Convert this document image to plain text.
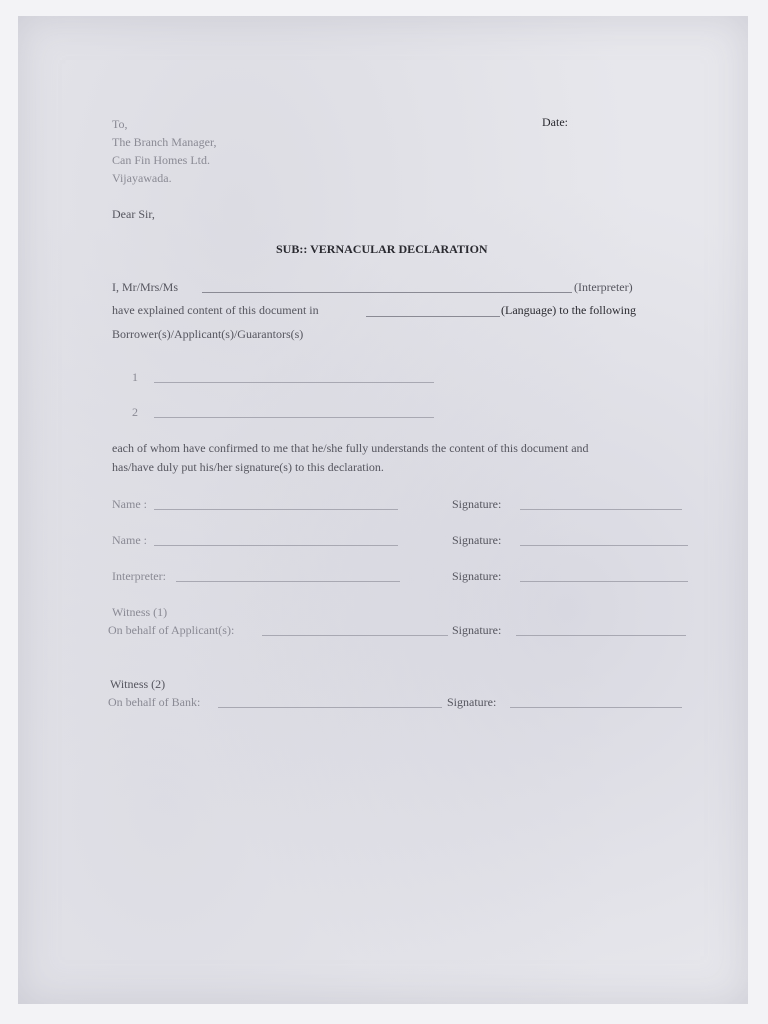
To,
The Branch Manager,
Can Fin Homes Ltd.
Vijayawada.
Date:
Dear Sir,
SUB:: VERNACULAR DECLARATION
I, Mr/Mrs/Ms	(Interpreter)
have explained content of this document in	(Language) to the following
Borrower(s)/Applicant(s)/Guarantors(s)
1
2
each of whom have confirmed to me that he/she fully understands the content of this document and
has/have duly put his/her signature(s) to this declaration.
Name :	Signature:
Name :	Signature:
Interpreter:	Signature:
Witness (1)
On behalf of Applicant(s):	Signature:
Witness (2)
On behalf of Bank:	Signature:
